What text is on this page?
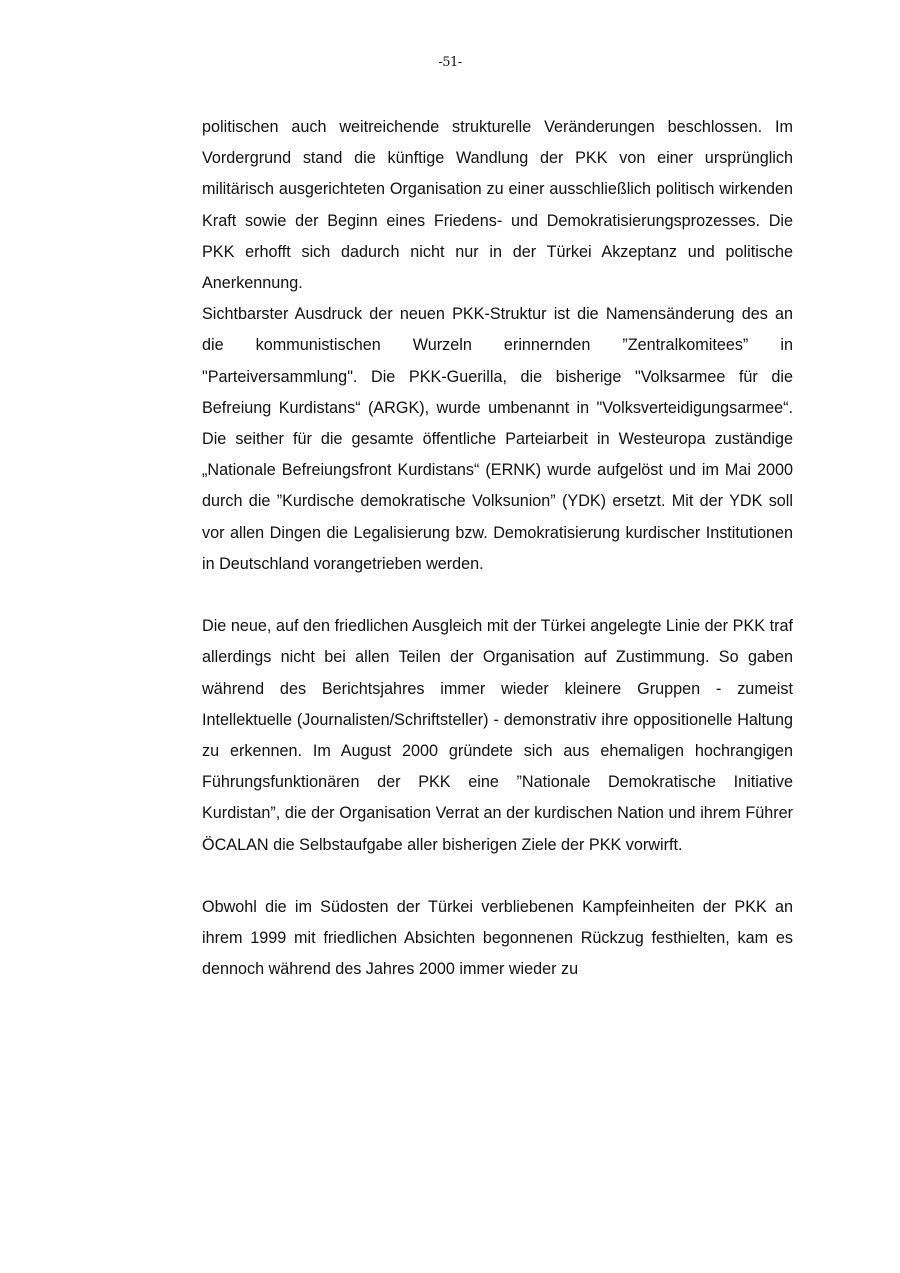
-51-

politischen auch weitreichende strukturelle Veränderungen beschlossen. Im Vordergrund stand die künftige Wandlung der PKK von einer ursprünglich militärisch ausgerichteten Organisation zu einer ausschließlich politisch wirkenden Kraft sowie der Beginn eines Friedens- und Demokratisierungsprozesses. Die PKK erhofft sich dadurch nicht nur in der Türkei Akzeptanz und politische Anerkennung.

Sichtbarster Ausdruck der neuen PKK-Struktur ist die Namensänderung des an die kommunistischen Wurzeln erinnernden ”Zentralkomitees” in "Parteiversammlung". Die PKK-Guerilla, die bisherige "Volksarmee für die Befreiung Kurdistans“ (ARGK), wurde umbenannt in "Volksverteidigungsarmee“. Die seither für die gesamte öffentliche Parteiarbeit in Westeuropa zuständige „Nationale Befreiungsfront Kurdistans“ (ERNK) wurde aufgelöst und im Mai 2000 durch die ”Kurdische demokratische Volksunion” (YDK) ersetzt. Mit der YDK soll vor allen Dingen die Legalisierung bzw. Demokratisierung kurdischer Institutionen in Deutschland vorangetrieben werden.

Die neue, auf den friedlichen Ausgleich mit der Türkei angelegte Linie der PKK traf allerdings nicht bei allen Teilen der Organisation auf Zustimmung. So gaben während des Berichtsjahres immer wieder kleinere Gruppen - zumeist Intellektuelle (Journalisten/Schriftsteller) - demonstrativ ihre oppositionelle Haltung zu erkennen. Im August 2000 gründete sich aus ehemaligen hochrangigen Führungsfunktionären der PKK eine ”Nationale Demokratische Initiative Kurdistan”, die der Organisation Verrat an der kurdischen Nation und ihrem Führer ÖCALAN die Selbstaufgabe aller bisherigen Ziele der PKK vorwirft.

Obwohl die im Südosten der Türkei verbliebenen Kampfeinheiten der PKK an ihrem 1999 mit friedlichen Absichten begonnenen Rückzug festhielten, kam es dennoch während des Jahres 2000 immer wieder zu
